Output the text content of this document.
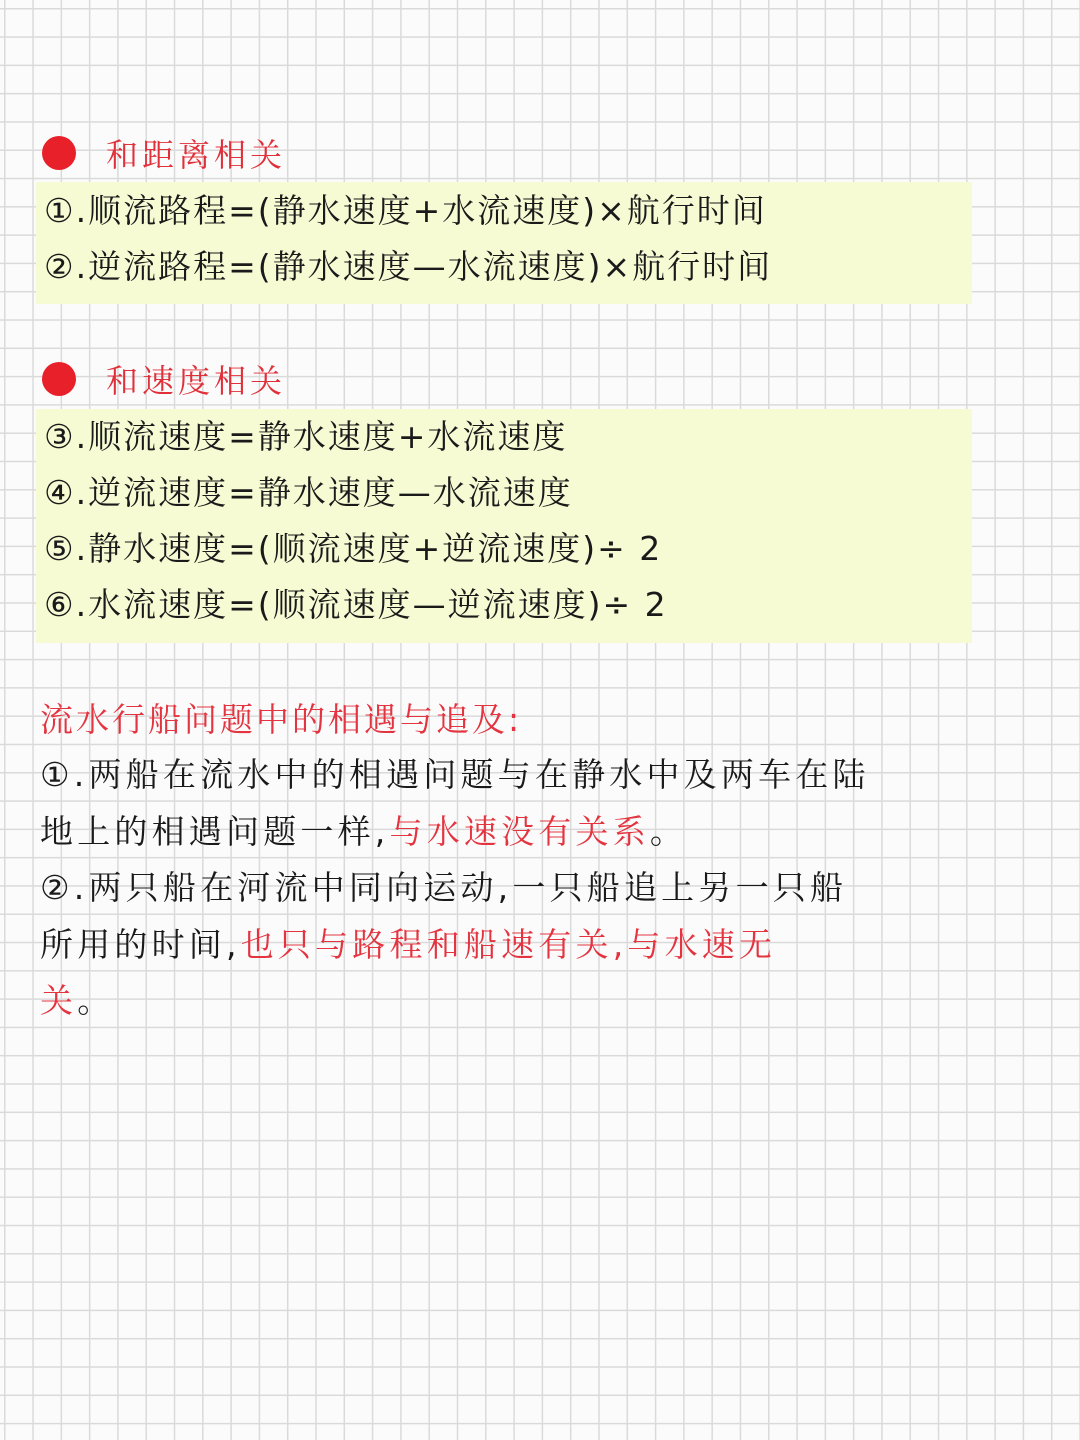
和距离相关
①.顺流路程=(静水速度+水流速度)×航行时间
②.逆流路程=(静水速度—水流速度)×航行时间
和速度相关
③.顺流速度=静水速度+水流速度
④.逆流速度=静水速度—水流速度
⑤.静水速度=(顺流速度+逆流速度)÷ 2
⑥.水流速度=(顺流速度—逆流速度)÷ 2
流水行船问题中的相遇与追及:
①.两船在流水中的相遇问题与在静水中及两车在陆
地上的相遇问题一样,与水速没有关系。
②.两只船在河流中同向运动,一只船追上另一只船
所用的时间,也只与路程和船速有关,与水速无
关。
